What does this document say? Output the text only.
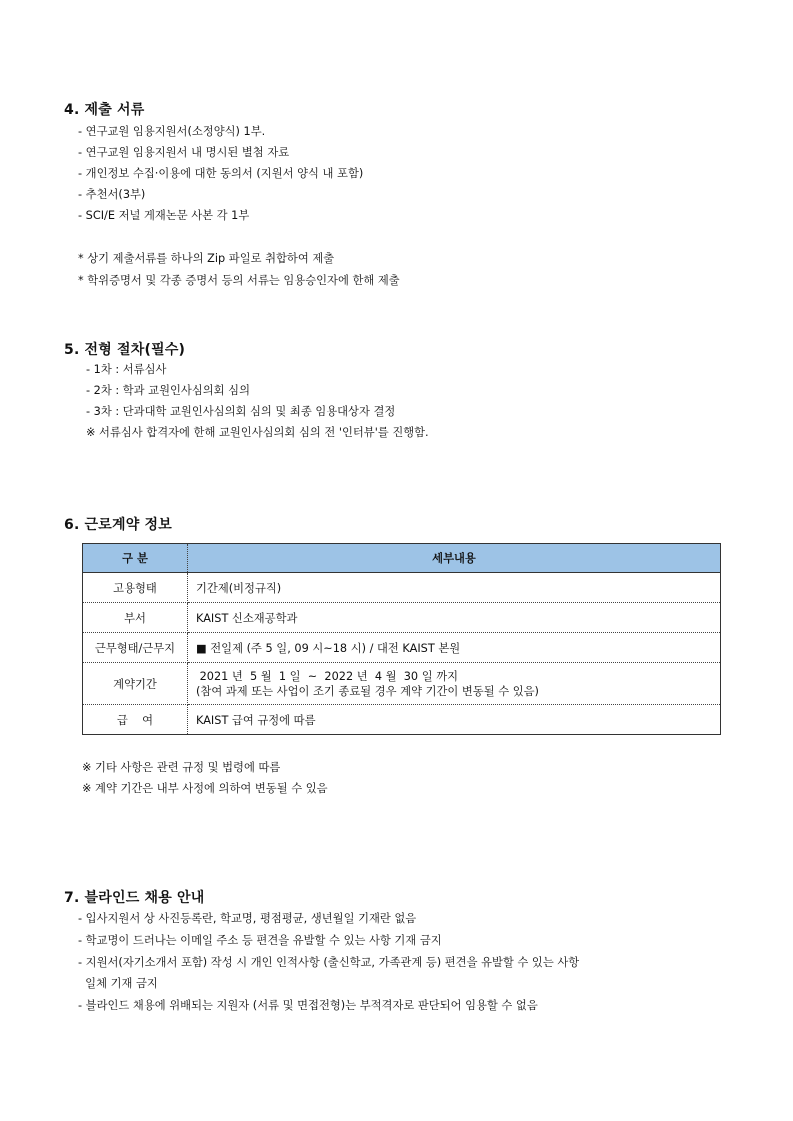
4. 제출 서류
- 연구교원 임용지원서(소정양식) 1부.
- 연구교원 임용지원서 내 명시된 별첨 자료
- 개인정보 수집·이용에 대한 동의서 (지원서 양식 내 포함)
- 추천서(3부)
- SCI/E 저널 게재논문 사본 각 1부
* 상기 제출서류를 하나의 Zip 파일로 취합하여 제출
* 학위증명서 및 각종 증명서 등의 서류는 임용승인자에 한해 제출
5. 전형 절차(필수)
- 1차 : 서류심사
- 2차 : 학과 교원인사심의회 심의
- 3차 : 단과대학 교원인사심의회 심의 및 최종 임용대상자 결정
※ 서류심사 합격자에 한해 교원인사심의회 심의 전 '인터뷰'를 진행함.
6. 근로계약 정보
구 분	세부내용
고용형태	기간제(비정규직)
부서	KAIST 신소재공학과
근무형태/근무지	■ 전일제 (주 5 일, 09 시~18 시) / 대전 KAIST 본원
계약기간	2021 년  5 월  1 일  ~  2022 년  4 월  30 일 까지
(참여 과제 또는 사업이 조기 종료될 경우 계약 기간이 변동될 수 있음)

급    여	KAIST 급여 규정에 따름
※ 기타 사항은 관련 규정 및 법령에 따름
※ 계약 기간은 내부 사정에 의하여 변동될 수 있음
7. 블라인드 채용 안내
- 입사지원서 상 사진등록란, 학교명, 평점평균, 생년월일 기재란 없음
- 학교명이 드러나는 이메일 주소 등 편견을 유발할 수 있는 사항 기재 금지
- 지원서(자기소개서 포함) 작성 시 개인 인적사항 (출신학교, 가족관계 등) 편견을 유발할 수 있는 사항
일체 기재 금지
- 블라인드 채용에 위배되는 지원자 (서류 및 면접전형)는 부적격자로 판단되어 임용할 수 없음
